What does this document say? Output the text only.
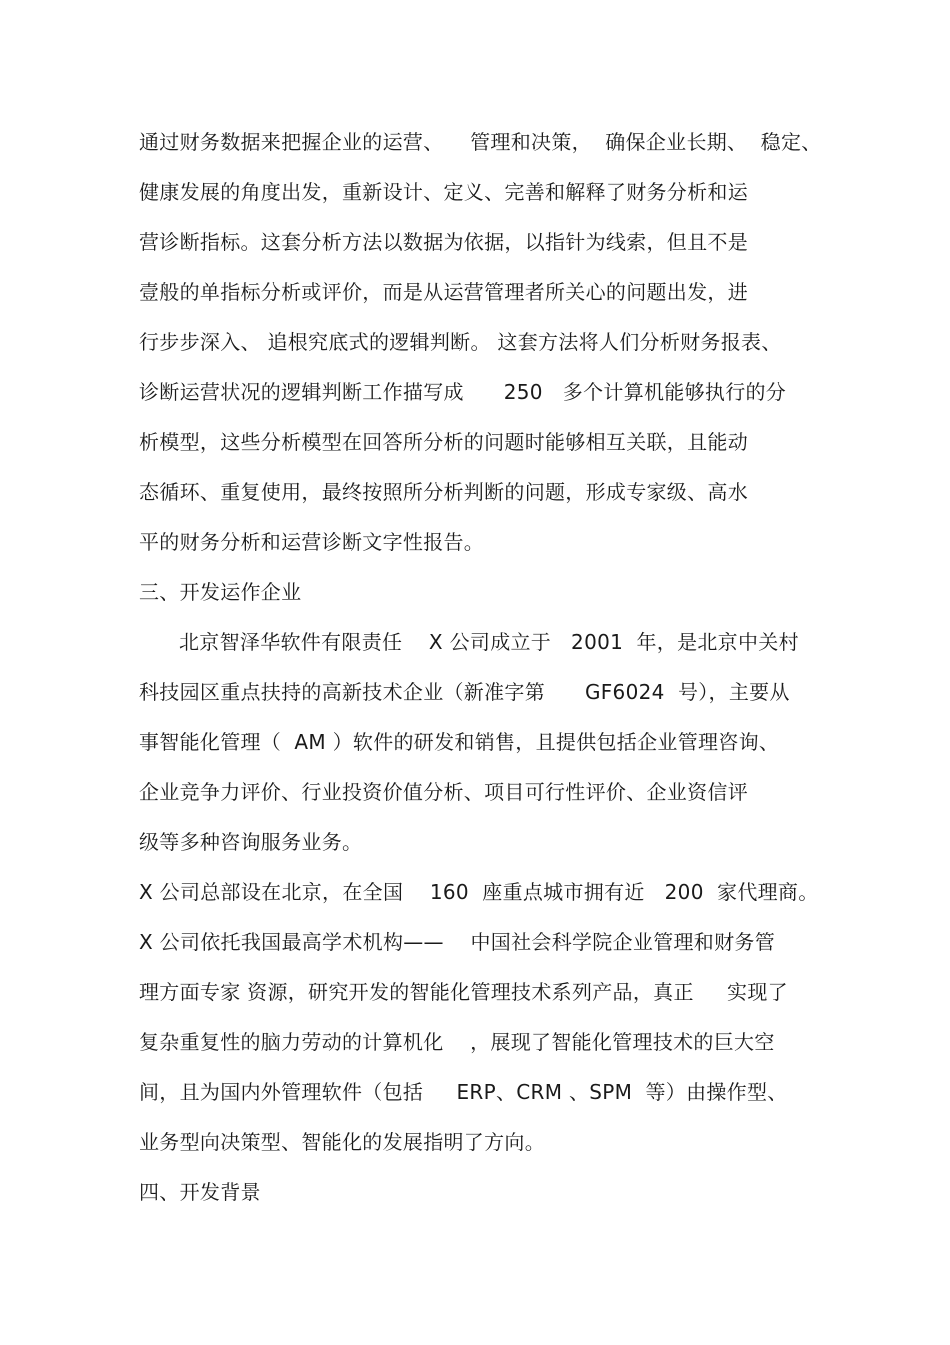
通过财务数据来把握企业的运营、    管理和决策，  确保企业长期、  稳定、
健康发展的角度出发，重新设计、定义、完善和解释了财务分析和运
营诊断指标。这套分析方法以数据为依据，以指针为线索，但且不是
壹般的单指标分析或评价，而是从运营管理者所关心的问题出发，进
行步步深入、 追根究底式的逻辑判断。 这套方法将人们分析财务报表、
诊断运营状况的逻辑判断工作描写成      250   多个计算机能够执行的分
析模型，这些分析模型在回答所分析的问题时能够相互关联，且能动
态循环、重复使用，最终按照所分析判断的问题，形成专家级、高水
平的财务分析和运营诊断文字性报告。
三、开发运作企业
北京智泽华软件有限责任    X 公司成立于   2001  年，是北京中关村
科技园区重点扶持的高新技术企业（新准字第      GF6024  号），主要从
事智能化管理（  AM ）软件的研发和销售，且提供包括企业管理咨询、
企业竞争力评价、行业投资价值分析、项目可行性评价、企业资信评
级等多种咨询服务业务。
X 公司总部设在北京，在全国    160  座重点城市拥有近   200  家代理商。
X 公司依托我国最高学术机构——    中国社会科学院企业管理和财务管
理方面专家 资源，研究开发的智能化管理技术系列产品，真正     实现了
复杂重复性的脑力劳动的计算机化    ，展现了智能化管理技术的巨大空
间，且为国内外管理软件（包括     ERP、CRM 、SPM  等）由操作型、
业务型向决策型、智能化的发展指明了方向。
四、开发背景
